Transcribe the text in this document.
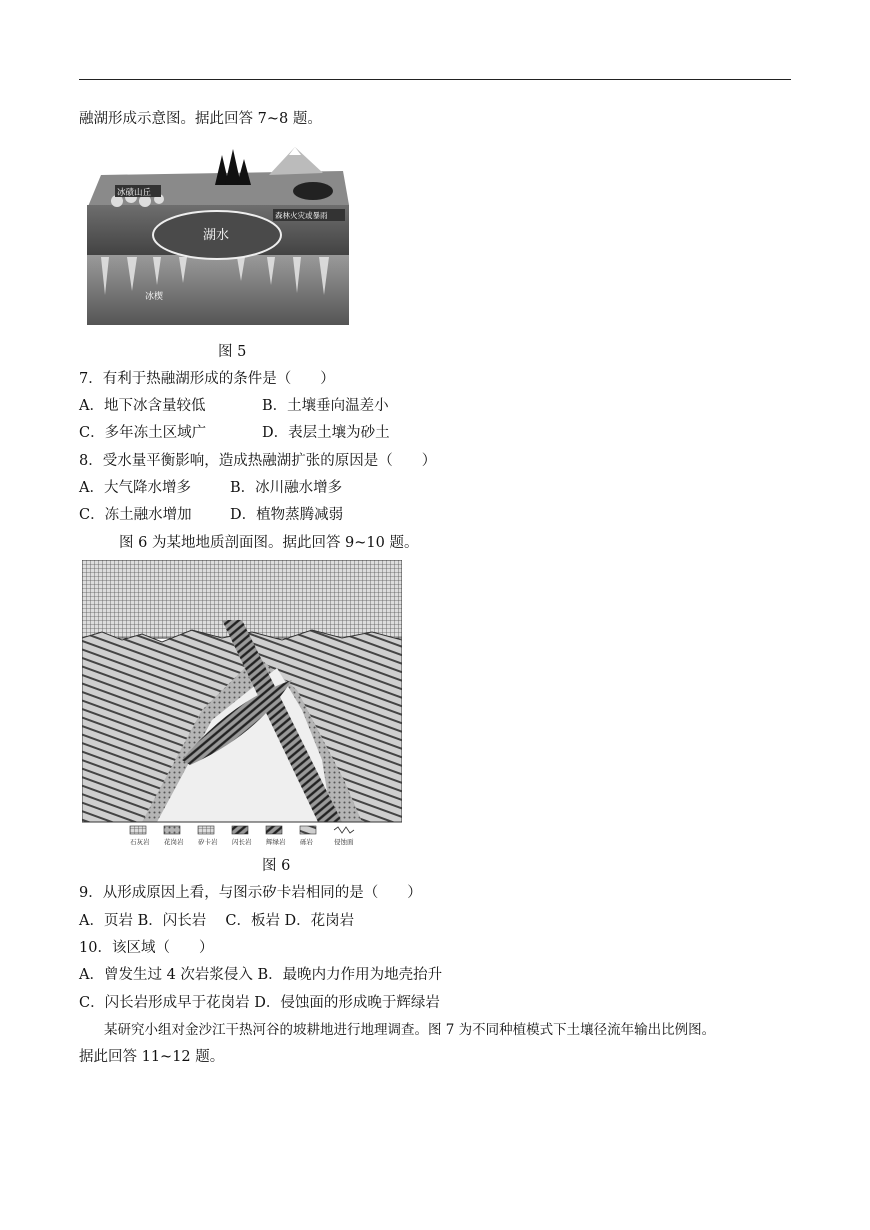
融湖形成示意图。据此回答 7~8 题。
冰碛山丘
森林火灾或暴雨
湖水
冰楔
图 5
7．有利于热融湖形成的条件是（　　）
A．地下冰含量较低	B．土壤垂向温差小
C．多年冻土区域广	D．表层土壤为砂土
8．受水量平衡影响，造成热融湖扩张的原因是（　　）
A．大气降水增多	B．冰川融水增多
C．冻土融水增加	D．植物蒸腾减弱
图 6 为某地地质剖面图。据此回答 9~10 题。
石灰岩 花岗岩 矽卡岩 闪长岩 辉绿岩 砾岩	侵蚀面
图 6
9．从形成原因上看，与图示矽卡岩相同的是（　　）
A．页岩 B．闪长岩　 C．板岩 D．花岗岩
10．该区域（　　）
A．曾发生过 4 次岩浆侵入 B．最晚内力作用为地壳抬升
C．闪长岩形成早于花岗岩 D．侵蚀面的形成晚于辉绿岩
某研究小组对金沙江干热河谷的坡耕地进行地理调查。图 7 为不同种植模式下土壤径流年输出比例图。
据此回答 11~12 题。
